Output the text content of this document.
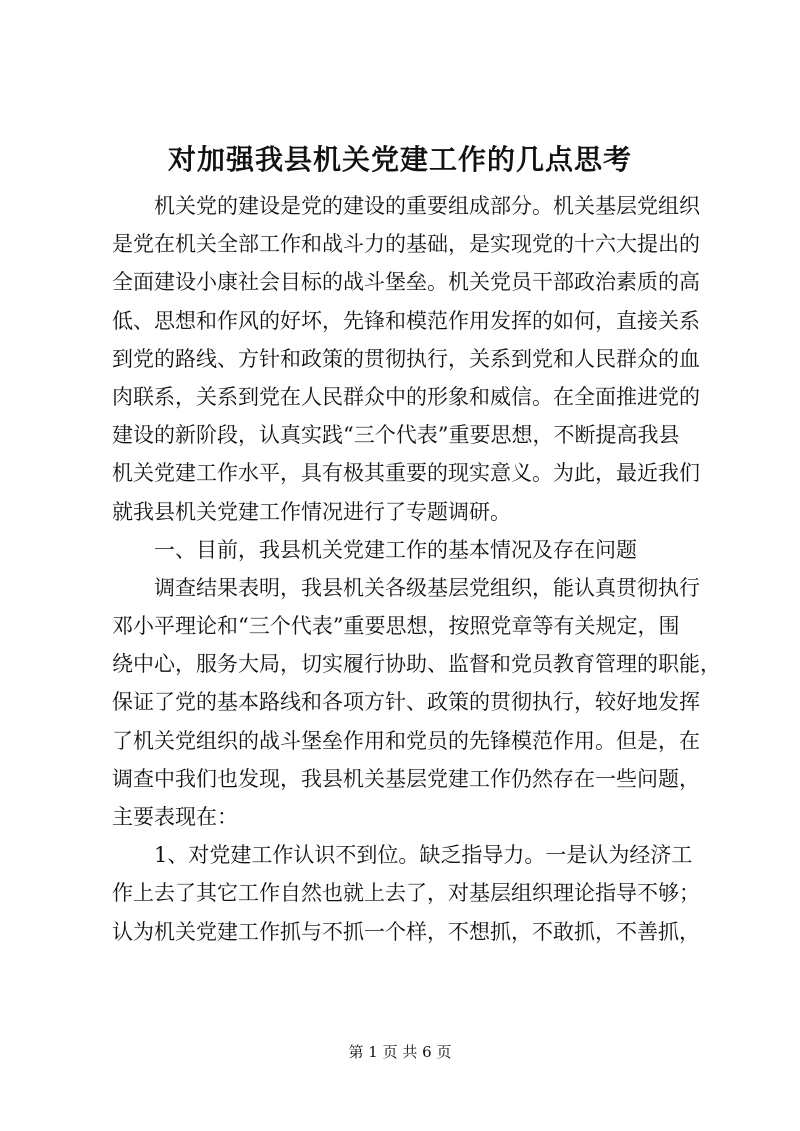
对加强我县机关党建工作的几点思考
　　机关党的建设是党的建设的重要组成部分。机关基层党组织
是党在机关全部工作和战斗力的基础，是实现党的十六大提出的
全面建设小康社会目标的战斗堡垒。机关党员干部政治素质的高
低、思想和作风的好坏，先锋和模范作用发挥的如何，直接关系
到党的路线、方针和政策的贯彻执行，关系到党和人民群众的血
肉联系，关系到党在人民群众中的形象和威信。在全面推进党的
建设的新阶段，认真实践“三个代表”重要思想，不断提高我县
机关党建工作水平，具有极其重要的现实意义。为此，最近我们
就我县机关党建工作情况进行了专题调研。
　　一、目前，我县机关党建工作的基本情况及存在问题
　　调查结果表明，我县机关各级基层党组织，能认真贯彻执行
邓小平理论和“三个代表”重要思想，按照党章等有关规定，围
绕中心，服务大局，切实履行协助、监督和党员教育管理的职能，
保证了党的基本路线和各项方针、政策的贯彻执行，较好地发挥
了机关党组织的战斗堡垒作用和党员的先锋模范作用。但是，在
调查中我们也发现，我县机关基层党建工作仍然存在一些问题，
主要表现在：
　　1、对党建工作认识不到位。缺乏指导力。一是认为经济工
作上去了其它工作自然也就上去了，对基层组织理论指导不够；
认为机关党建工作抓与不抓一个样，不想抓，不敢抓，不善抓，
第 1 页 共 6 页
